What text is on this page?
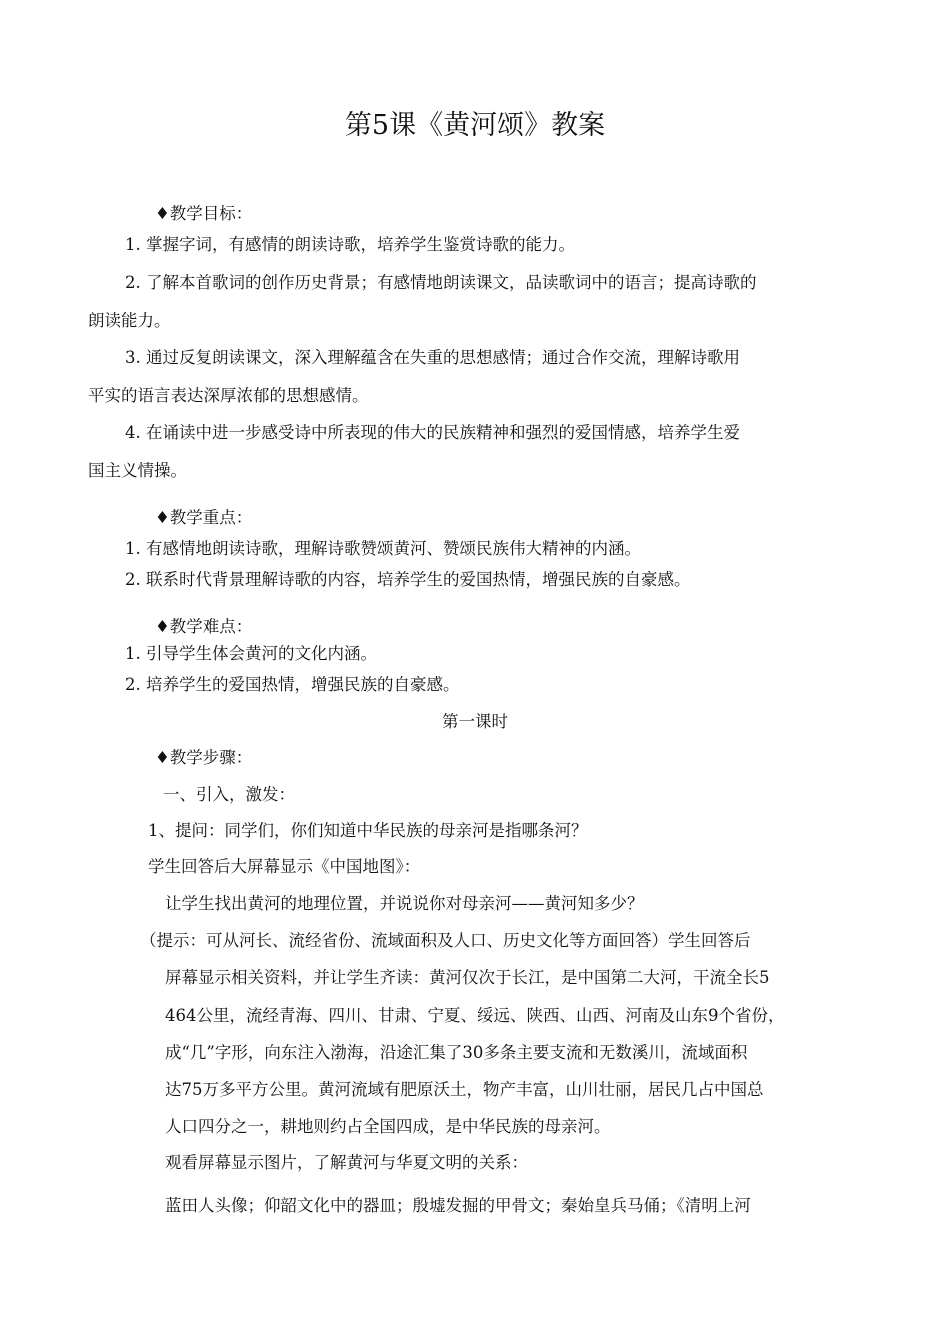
第5课《黄河颂》教案
♦教学目标：
1. 掌握字词，有感情的朗读诗歌，培养学生鉴赏诗歌的能力。
2. 了解本首歌词的创作历史背景；有感情地朗读课文，品读歌词中的语言；提高诗歌的
朗读能力。
3. 通过反复朗读课文，深入理解蕴含在失重的思想感情；通过合作交流，理解诗歌用
平实的语言表达深厚浓郁的思想感情。
4. 在诵读中进一步感受诗中所表现的伟大的民族精神和强烈的爱国情感，培养学生爱
国主义情操。
♦教学重点：
1. 有感情地朗读诗歌，理解诗歌赞颂黄河、赞颂民族伟大精神的内涵。
2. 联系时代背景理解诗歌的内容，培养学生的爱国热情，增强民族的自豪感。
♦教学难点：
1. 引导学生体会黄河的文化内涵。
2. 培养学生的爱国热情，增强民族的自豪感。
第一课时
♦教学步骤：
一、引入，激发：
1、提问：同学们，你们知道中华民族的母亲河是指哪条河？
学生回答后大屏幕显示《中国地图》：
让学生找出黄河的地理位置，并说说你对母亲河——黄河知多少？
（提示：可从河长、流经省份、流域面积及人口、历史文化等方面回答）学生回答后
屏幕显示相关资料，并让学生齐读：黄河仅次于长江，是中国第二大河，干流全长5
464公里，流经青海、四川、甘肃、宁夏、绥远、陕西、山西、河南及山东9个省份，
成“几”字形，向东注入渤海，沿途汇集了30多条主要支流和无数溪川，流域面积
达75万多平方公里。黄河流域有肥原沃土，物产丰富，山川壮丽，居民几占中国总
人口四分之一，耕地则约占全国四成，是中华民族的母亲河。
观看屏幕显示图片，了解黄河与华夏文明的关系：
蓝田人头像；仰韶文化中的器皿；殷墟发掘的甲骨文；秦始皇兵马俑；《清明上河
